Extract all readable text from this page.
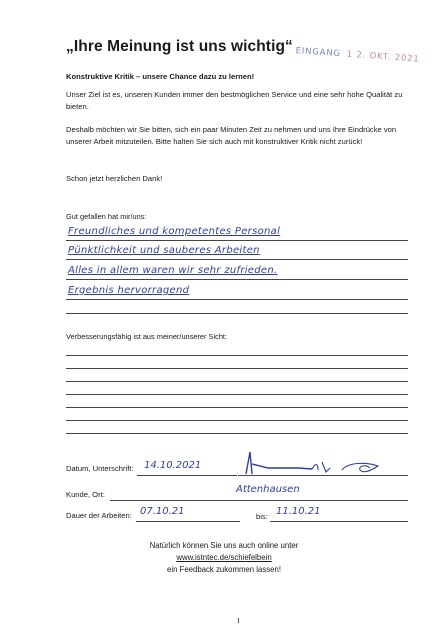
„Ihre Meinung ist uns wichtig“ EINGANG 1 2. OKT. 2021
Konstruktive Kritik – unsere Chance dazu zu lernen!
Unser Ziel ist es, unseren Kunden immer den bestmöglichen Service und eine sehr hohe Qualität zu bieten.
Deshalb möchten wir Sie bitten, sich ein paar Minuten Zeit zu nehmen und uns Ihre Eindrücke von unserer Arbeit mitzuteilen. Bitte halten Sie sich auch mit konstruktiver Kritik nicht zurück!
Schon jetzt herzlichen Dank!
Gut gefallen hat mir/uns:
Freundliches und kompetentes Personal
Pünktlichkeit und sauberes Arbeiten
Alles in allem waren wir sehr zufrieden.
Ergebnis hervorragend
Verbesserungsfähig ist aus meiner/unserer Sicht:
Datum, Unterschrift: 14.10.2021
Kunde, Ort:	Attenhausen
Dauer der Arbeiten: 07.10.21	bis: 11.10.21
Natürlich können Sie uns auch online unter
www.istntec.de/schiefelbein
ein Feedback zukommen lassen!
